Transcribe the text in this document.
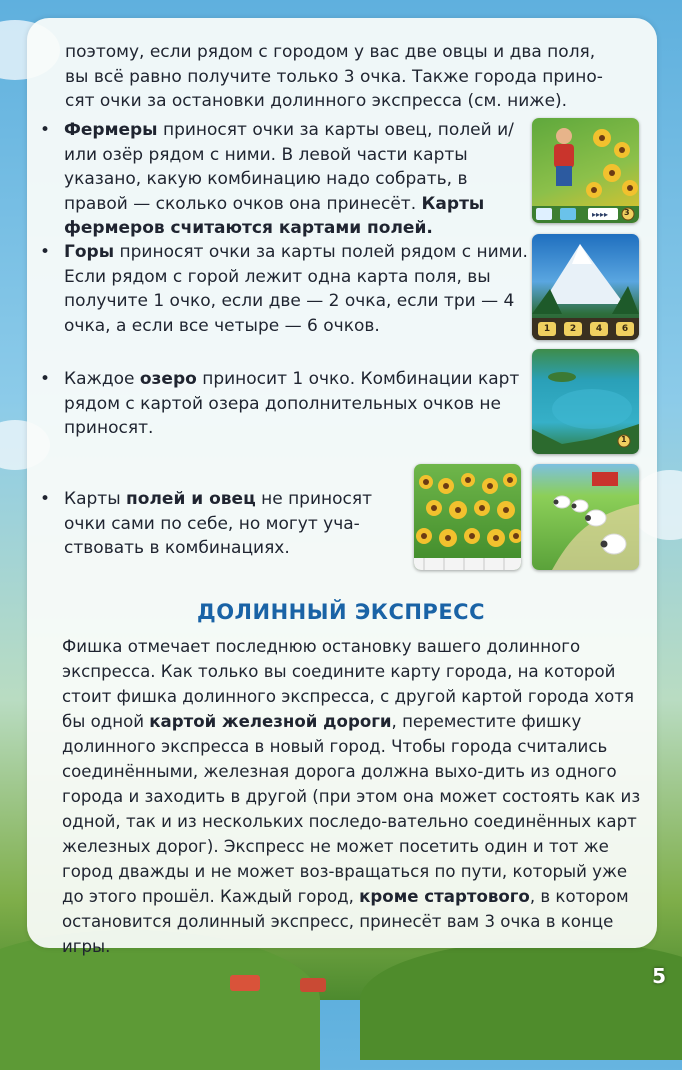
поэтому, если рядом с городом у вас две овцы и два поля,
вы всё равно получите только 3 очка. Также города прино-
сят очки за остановки долинного экспресса (см. ниже).
• Фермеры приносят очки за карты овец, полей и/или озёр рядом с ними. В левой части карты указано, какую комбинацию надо собрать, в правой — сколько очков она принесёт. Карты фермеров считаются картами полей.
• Горы приносят очки за карты полей рядом с ними. Если рядом с горой лежит одна карта поля, вы получите 1 очко, если две — 2 очка, если три — 4 очка, а если все четыре — 6 очков.
• Каждое озеро приносит 1 очко. Комбинации карт рядом с картой озера дополнительных очков не приносят.
• Карты полей и овец не приносят очки сами по себе, но могут уча-ствовать в комбинациях.
▸▸▸▸ 3
1	2	4	6
1
ДОЛИННЫЙ ЭКСПРЕСС

Фишка отмечает последнюю остановку вашего долинного экспресса. Как только вы соедините карту города, на которой стоит фишка долинного экспресса, с другой картой города хотя бы одной картой железной дороги, переместите фишку долинного экспресса в новый город. Чтобы города считались соединёнными, железная дорога должна выхо-дить из одного города и заходить в другой (при этом она может состоять как из одной, так и из нескольких последо-вательно соединённых карт железных дорог). Экспресс не может посетить один и тот же город дважды и не может воз-вращаться по пути, который уже до этого прошёл. Каждый город, кроме стартового, в котором остановится долинный экспресс, принесёт вам 3 очка в конце игры.

5
